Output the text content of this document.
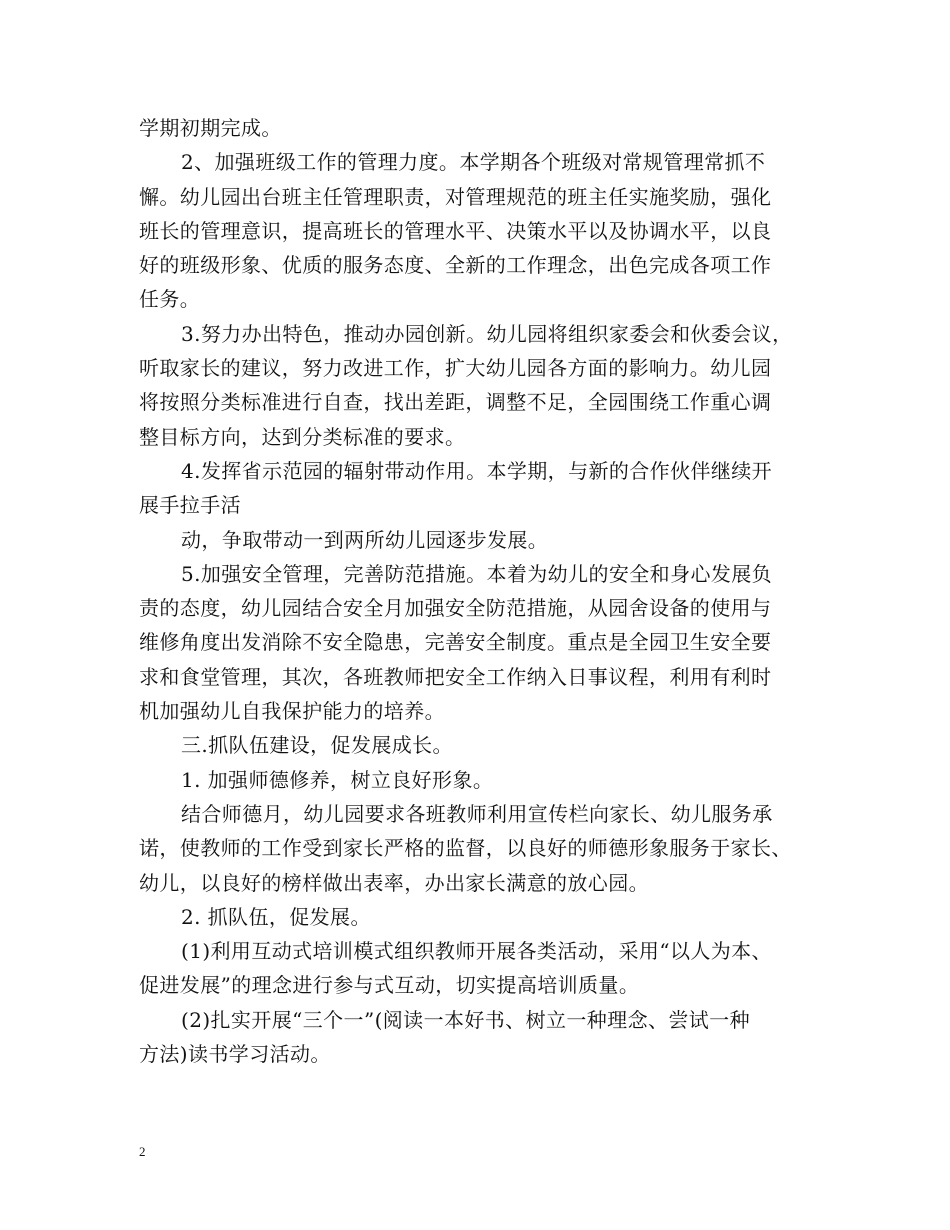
学期初期完成。
2、加强班级工作的管理力度。本学期各个班级对常规管理常抓不
懈。幼儿园出台班主任管理职责，对管理规范的班主任实施奖励，强化
班长的管理意识，提高班长的管理水平、决策水平以及协调水平，以良
好的班级形象、优质的服务态度、全新的工作理念，出色完成各项工作
任务。
3.努力办出特色，推动办园创新。幼儿园将组织家委会和伙委会议，
听取家长的建议，努力改进工作，扩大幼儿园各方面的影响力。幼儿园
将按照分类标准进行自查，找出差距，调整不足，全园围绕工作重心调
整目标方向，达到分类标准的要求。
4.发挥省示范园的辐射带动作用。本学期，与新的合作伙伴继续开
展手拉手活
动，争取带动一到两所幼儿园逐步发展。
5.加强安全管理，完善防范措施。本着为幼儿的安全和身心发展负
责的态度，幼儿园结合安全月加强安全防范措施，从园舍设备的使用与
维修角度出发消除不安全隐患，完善安全制度。重点是全园卫生安全要
求和食堂管理，其次，各班教师把安全工作纳入日事议程，利用有利时
机加强幼儿自我保护能力的培养。
三.抓队伍建设，促发展成长。
1. 加强师德修养，树立良好形象。
结合师德月，幼儿园要求各班教师利用宣传栏向家长、幼儿服务承
诺，使教师的工作受到家长严格的监督，以良好的师德形象服务于家长、
幼儿，以良好的榜样做出表率，办出家长满意的放心园。
2. 抓队伍，促发展。
(1)利用互动式培训模式组织教师开展各类活动，采用“以人为本、
促进发展”的理念进行参与式互动，切实提高培训质量。
(2)扎实开展“三个一”(阅读一本好书、树立一种理念、尝试一种
方法)读书学习活动。
2
